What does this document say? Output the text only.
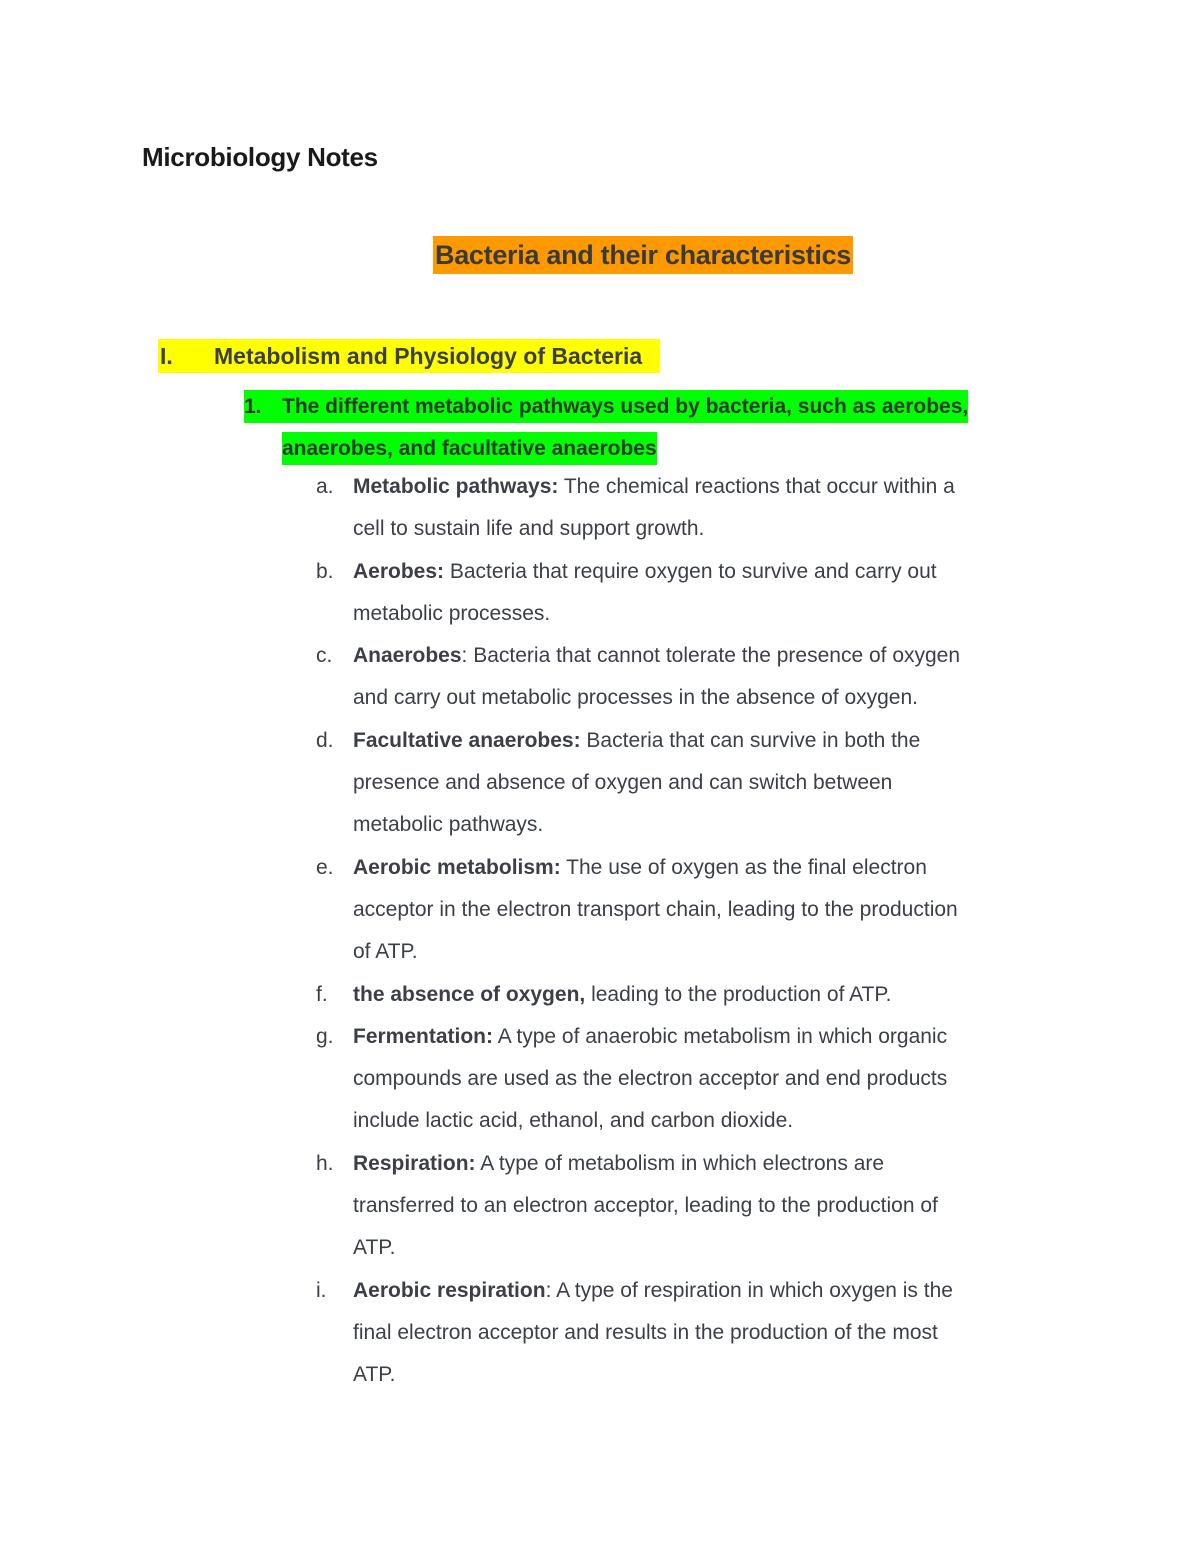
Microbiology Notes
Bacteria and their characteristics
I. Metabolism and Physiology of Bacteria
1. The different metabolic pathways used by bacteria, such as aerobes,
anaerobes, and facultative anaerobes
a. Metabolic pathways: The chemical reactions that occur within a
cell to sustain life and support growth.
b. Aerobes: Bacteria that require oxygen to survive and carry out
metabolic processes.
c. Anaerobes: Bacteria that cannot tolerate the presence of oxygen
and carry out metabolic processes in the absence of oxygen.
d. Facultative anaerobes: Bacteria that can survive in both the
presence and absence of oxygen and can switch between
metabolic pathways.
e. Aerobic metabolism: The use of oxygen as the final electron
acceptor in the electron transport chain, leading to the production
of ATP.
f. the absence of oxygen, leading to the production of ATP.
g. Fermentation: A type of anaerobic metabolism in which organic
compounds are used as the electron acceptor and end products
include lactic acid, ethanol, and carbon dioxide.
h. Respiration: A type of metabolism in which electrons are
transferred to an electron acceptor, leading to the production of
ATP.
i. Aerobic respiration: A type of respiration in which oxygen is the
final electron acceptor and results in the production of the most
ATP.
